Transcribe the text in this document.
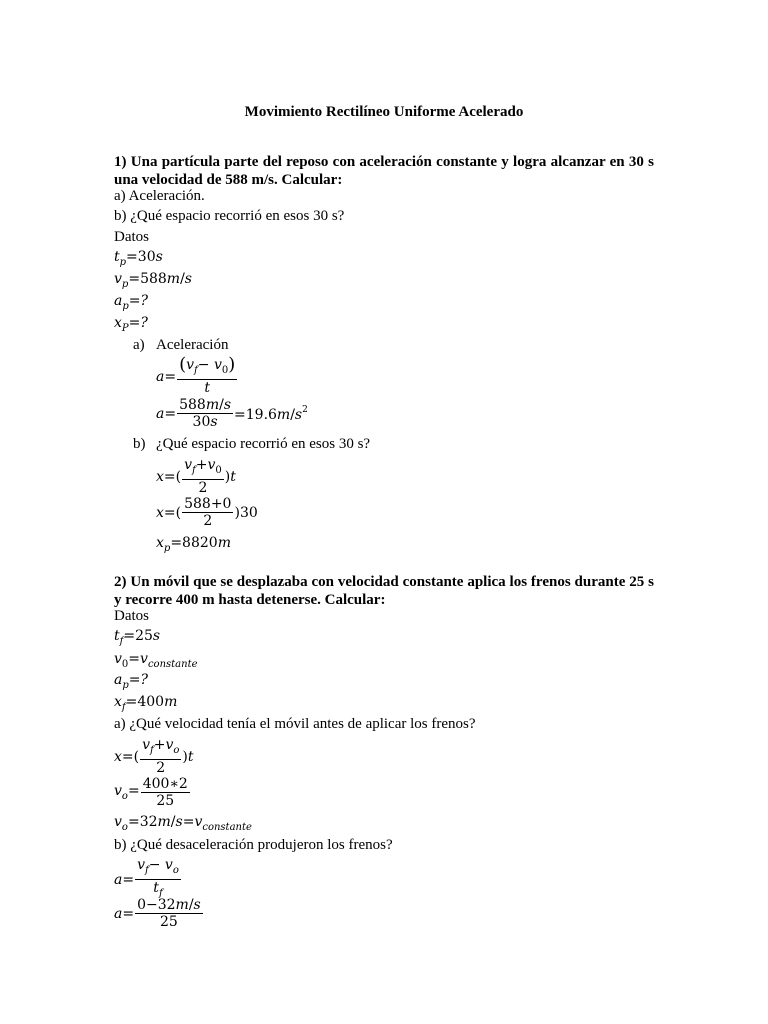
Movimiento Rectilíneo Uniforme Acelerado
1) Una partícula parte del reposo con aceleración constante y logra alcanzar en 30 s una velocidad de 588 m/s. Calcular:
a) Aceleración.
b) ¿Qué espacio recorrió en esos 30 s?
Datos
$t_p=30s$
$v_p=588m/s$
$a_p=$?
$x_P=$?
a) Aceleración
$a= \frac{(v_f- v_0)}{t}$
$a= \frac{588m/s}{30s} =19.6m/s^2$
b) ¿Qué espacio recorrió en esos 30 s?
$x=( \frac{v_f+v_0}{2} )t$
$x=( \frac{588+0}{2} )30$
$x_p=8820m$
2) Un móvil que se desplazaba con velocidad constante aplica los frenos durante 25 s y recorre 400 m hasta detenerse. Calcular:
Datos
$t_f=25s$
$v_0=v_{constante}$
$a_p=$?
$x_f=400m$
a) ¿Qué velocidad tenía el móvil antes de aplicar los frenos?
$x=( \frac{v_f+v_o}{2} )t$
$v_o= \frac{400∗2}{25}$
$v_o=32m/s=v_{constante}$
b) ¿Qué desaceleración produjeron los frenos?
$a= \frac{v_f- v_o}{t_f}$
$a= \frac{0-32m/s}{25}$
